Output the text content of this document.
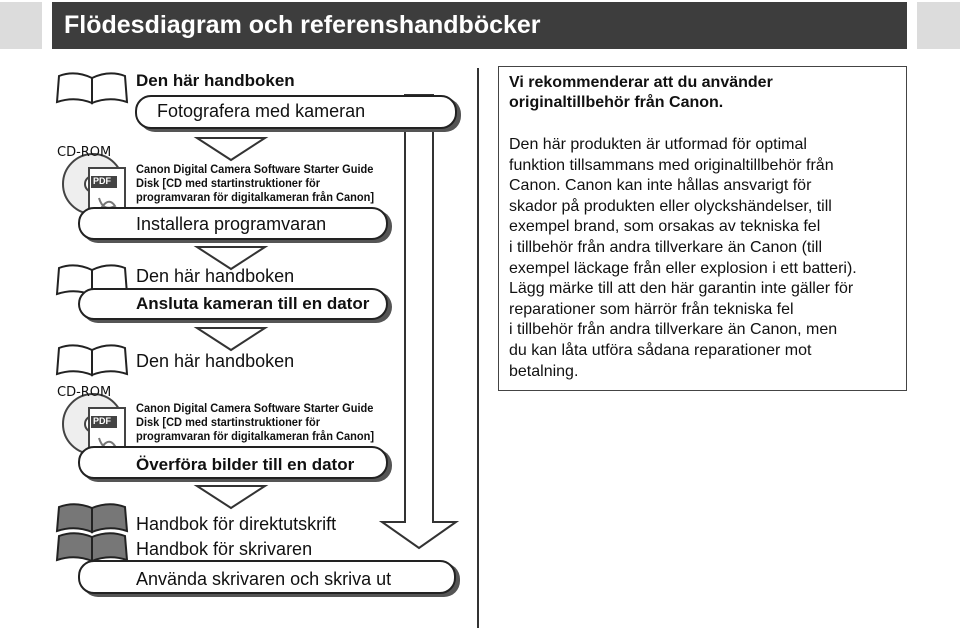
Flödesdiagram och referenshandböcker
Den här handboken
Fotografera med kameran
CD-ROM
PDF
Canon Digital Camera Software Starter Guide
Disk [CD med startinstruktioner för
programvaran för digitalkameran från Canon]
Installera programvaran
Den här handboken
Ansluta kameran till en dator
Den här handboken
CD-ROM
PDF
Canon Digital Camera Software Starter Guide
Disk [CD med startinstruktioner för
programvaran för digitalkameran från Canon]
Överföra bilder till en dator
Handbok för direktutskrift
Handbok för skrivaren
Använda skrivaren och skriva ut
Vi rekommenderar att du använder
originaltillbehör från Canon.
Den här produkten är utformad för optimal
funktion tillsammans med originaltillbehör från
Canon. Canon kan inte hållas ansvarigt för
skador på produkten eller olyckshändelser, till
exempel brand, som orsakas av tekniska fel
i tillbehör från andra tillverkare än Canon (till
exempel läckage från eller explosion i ett batteri).
Lägg märke till att den här garantin inte gäller för
reparationer som härrör från tekniska fel
i tillbehör från andra tillverkare än Canon, men
du kan låta utföra sådana reparationer mot
betalning.
